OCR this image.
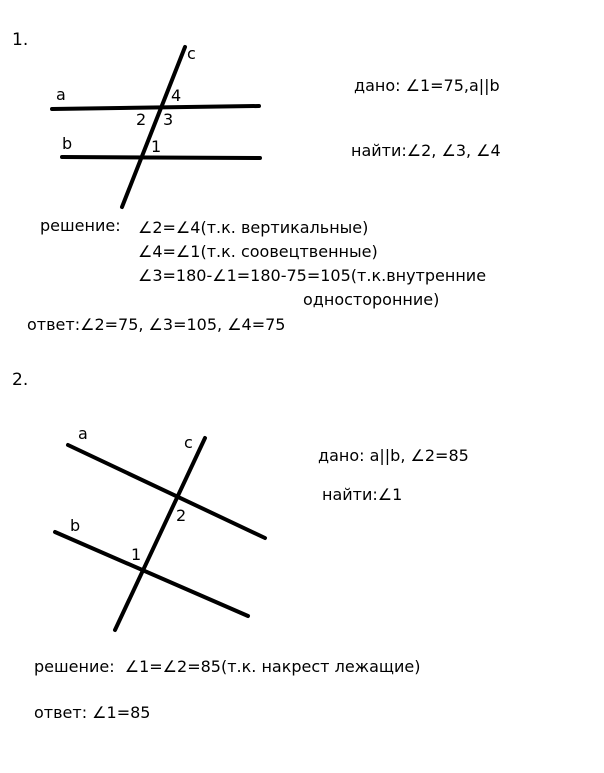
1.
a
b
c
4
2 3
1
дано: ∠1=75,a||b
найти:∠2, ∠3, ∠4
решение: ∠2=∠4(т.к. вертикальные)
∠4=∠1(т.к. соовецтвенные)
∠3=180-∠1=180-75=105(т.к.внутренние
односторонние)
ответ:∠2=75, ∠3=105, ∠4=75
2.
a
b
c
2
1
дано: a||b, ∠2=85
найти:∠1
решение:  ∠1=∠2=85(т.к. накрест лежащие)
ответ: ∠1=85
